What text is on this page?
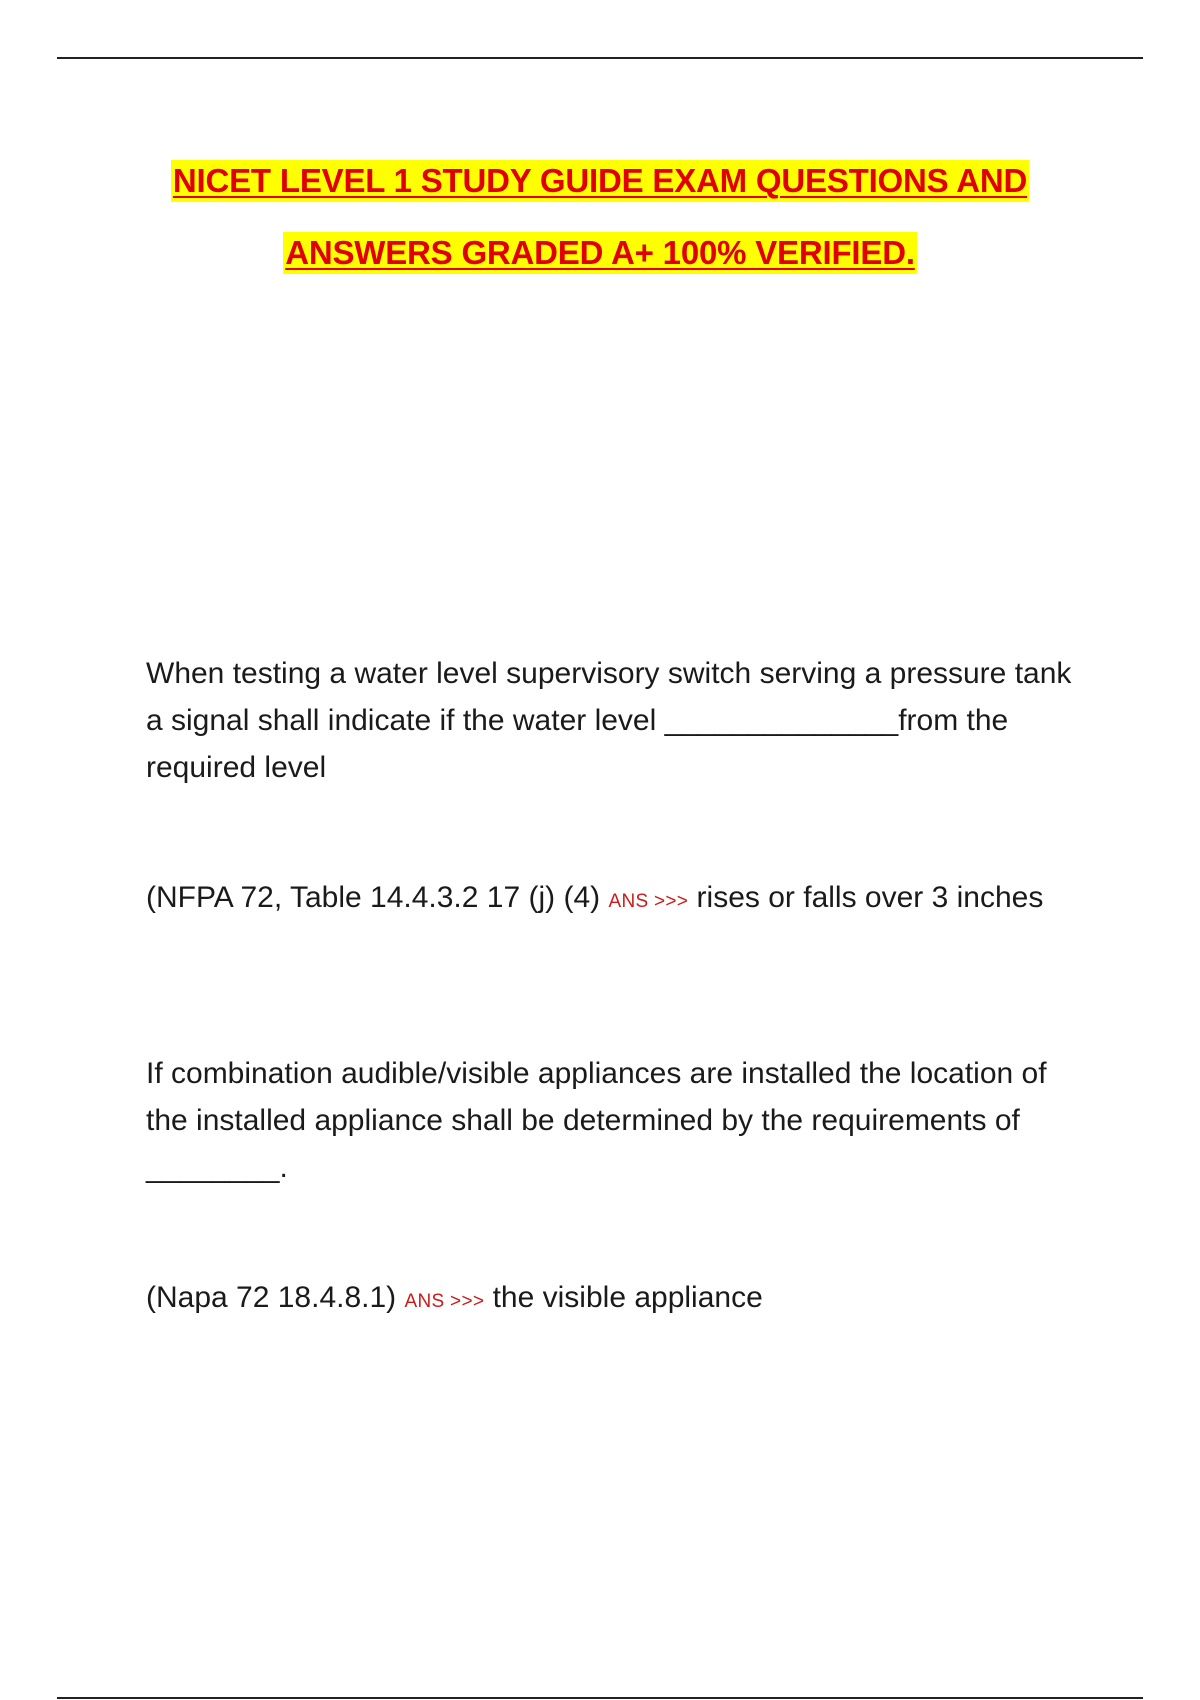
NICET LEVEL 1 STUDY GUIDE EXAM QUESTIONS AND
ANSWERS GRADED A+ 100% VERIFIED.
When testing a water level supervisory switch serving a pressure tank a signal shall indicate if the water level ______________from the required level
(NFPA 72, Table 14.4.3.2 17 (j) (4) ANS >>> rises or falls over 3 inches
If combination audible/visible appliances are installed the location of the installed appliance shall be determined by the requirements of ________.
(Napa 72 18.4.8.1) ANS >>> the visible appliance
